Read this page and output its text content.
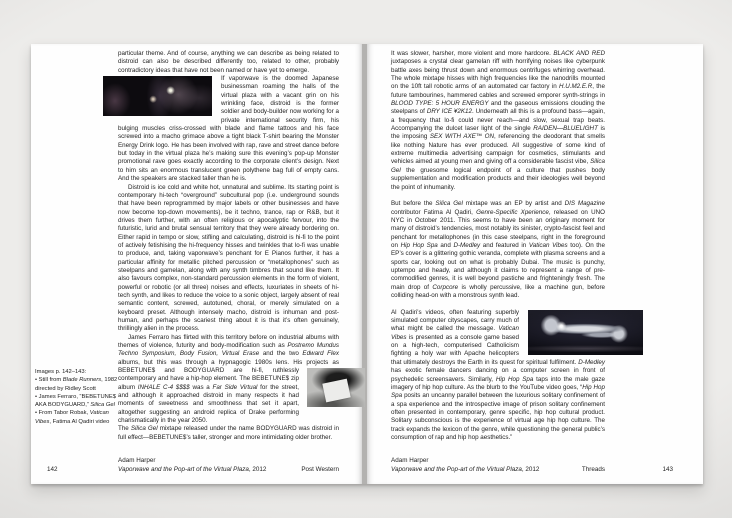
particular theme. And of course, anything we can describe as being related to distroid can also be described differently too, related to other, probably contradictory ideas that have not been named or have yet to emerge.

If vaporwave is the doomed Japanese businessman roaming the halls of the virtual plaza with a vacant grin on his wrinkling face, distroid is the former soldier and body-builder now working for a private international security firm, his bulging muscles criss-crossed with blade and flame tattoos and his face screwed into a macho grimace above a tight black T-shirt bearing the Monster Energy Drink logo. He has been involved with rap, rave and street dance before but today in the virtual plaza he’s making sure this evening’s pop-up Monster promotional rave goes exactly according to the corporate client’s design. Next to him sits an enormous translucent green polythene bag full of empty cans. And the speakers are stacked taller than he is.

Distroid is ice cold and white hot, unnatural and sublime. Its starting point is contemporary hi-tech “overground” subcultural pop (i.e. underground sounds that have been reprogrammed by major labels or other businesses and have now become top-down movements), be it techno, trance, rap or R&B, but it drives them further, with an often religious or apocalyptic fervour, into the futuristic, lurid and brutal sensual territory that they were already bordering on. Either rapid in tempo or slow, stifling and calculating, distroid is hi-fi to the point of actively fetishising the hi-frequency hisses and twinkles that lo-fi was unable to produce, and, taking vaporwave’s penchant for E Pianos further, it has a particular affinity for metallic pitched percussion or “metallophones” such as steelpans and gamelan, along with any synth timbres that sound like them. It also favours complex, non-standard percussion elements in the form of violent, powerful or robotic (or all three) noises and effects, luxuriates in sheets of hi-tech synth, and likes to reduce the voice to a sonic object, largely absent of real semantic content, screwed, autotuned, choral, or merely simulated on a keyboard preset. Although intensely macho, distroid is inhuman and post-human, and perhaps the scariest thing about it is that it’s often genuinely, thrillingly alien in the process.

James Ferraro has flirted with this territory before on industrial albums with themes of violence, futurity and body-modification such as Postremo Mundus Techno Symposium, Body Fusion, Virtual Erase and the two Edward Flex albums, but this was through a hypnagogic 1980s lens. His projects as
BEBETUNE$ and BODYGUARD are hi-fi, ruthlessly contemporary and have a hip-hop element. The BEBETUNE$ zip album INHALE C-4 $$$$ was a Far Side Virtual for the street, and although it approached distroid in many respects it had moments of sweetness and smoothness that set it apart, altogether suggesting an android replica of Drake performing charismatically in the year 2050.

The Silica Gel mixtape released under the name BODYGUARD was distroid in full effect—BEBETUNE$’s taller, stronger and more intimidating older brother.

Images p. 142–143:
• Still from Blade Runners, 1982 directed by Ridley Scott
• James Ferraro, “BEBETUNE$ AKA BODYGUARD,” Silica Gel
• From Tabor Robak, Vatican Vibes, Fatima Al Qadiri video
142
Adam Harper
Vaporwave and the Pop-art of the Virtual Plaza, 2012	Post Western

It was slower, harsher, more violent and more hardcore. BLACK AND RED juxtaposes a crystal clear gamelan riff with horrifying noises like cyberpunk battle axes being thrust down and enormous centrifuges whirring overhead. The whole mixtape hisses with high frequencies like the nanodrills mounted on the 10ft tall robotic arms of an automated car factory in H.U.M2.E.R, the future tambourines, hammered cables and screwed emporer synth-strings in BLOOD TYPE: 5 HOUR ENERGY and the gaseous emissions clouding the steelpans of DRY ICE ¥2K12. Underneath all this is a profound bass—again, a frequency that lo-fi could never reach—and slow, sexual trap beats. Accompanying the dulcet laser light of the single RAIDEN—BLUELIGHT is the imposing SEX WITH AXE™ ON, referencing the deodorant that smells like nothing Nature has ever produced. All suggestive of some kind of extreme multimedia advertising campaign for cosmetics, stimulants and vehicles aimed at young men and giving off a considerable fascist vibe, Silica Gel the gruesome logical endpoint of a culture that pushes body supplementation and modification products and their ideologies well beyond the point of inhumanity.

But before the Silica Gel mixtape was an EP by artist and DIS Magazine contributor Fatima Al Qadiri, Genre-Specific Xperience, released on UNO NYC in October 2011. This seems to have been an originary moment for many of distroid’s tendencies, most notably its sinister, crypto-fascist feel and penchant for metallophones (in this case steelpans, right in the foreground on Hip Hop Spa and D-Medley and featured in Vatican Vibes too). On the EP’s cover is a glittering gothic veranda, complete with plasma screens and a sports car, looking out on what is probably Dubai. The music is punchy, uptempo and heady, and although it claims to represent a range of pre-commodified genres, it is well beyond pastiche and frighteningly fresh. The main drop of Corpcore is wholly percussive, like a machine gun, before colliding head-on with a monstrous synth lead.

Al Qadiri’s videos, often featuring superbly simulated computer cityscapes, carry much of what might be called the message. Vatican Vibes is presented as a console game based on a high-tech, computerised Catholicism fighting a holy war with Apache helicopters that ultimately destroys the Earth in its quest for spiritual fulfilment. D-Medley has exotic female dancers dancing on a computer screen in front of psychedelic screensavers. Similarly, Hip Hop Spa taps into the male gaze imagery of hip hop culture. As the blurb to the YouTube video goes, “Hip Hop Spa posits an uncanny parallel between the luxurious solitary confinement of a spa experience and the introspective image of prison solitary confinement often presented in contemporary, genre specific, hip hop cultural product. Solitary subconscious is the experience of virtual age hip hop culture. The track expands the lexicon of the genre, while questioning the general public’s consumption of rap and hip hop aesthetics.”

Adam Harper
Vaporwave and the Pop-art of the Virtual Plaza, 2012	Threads	143
